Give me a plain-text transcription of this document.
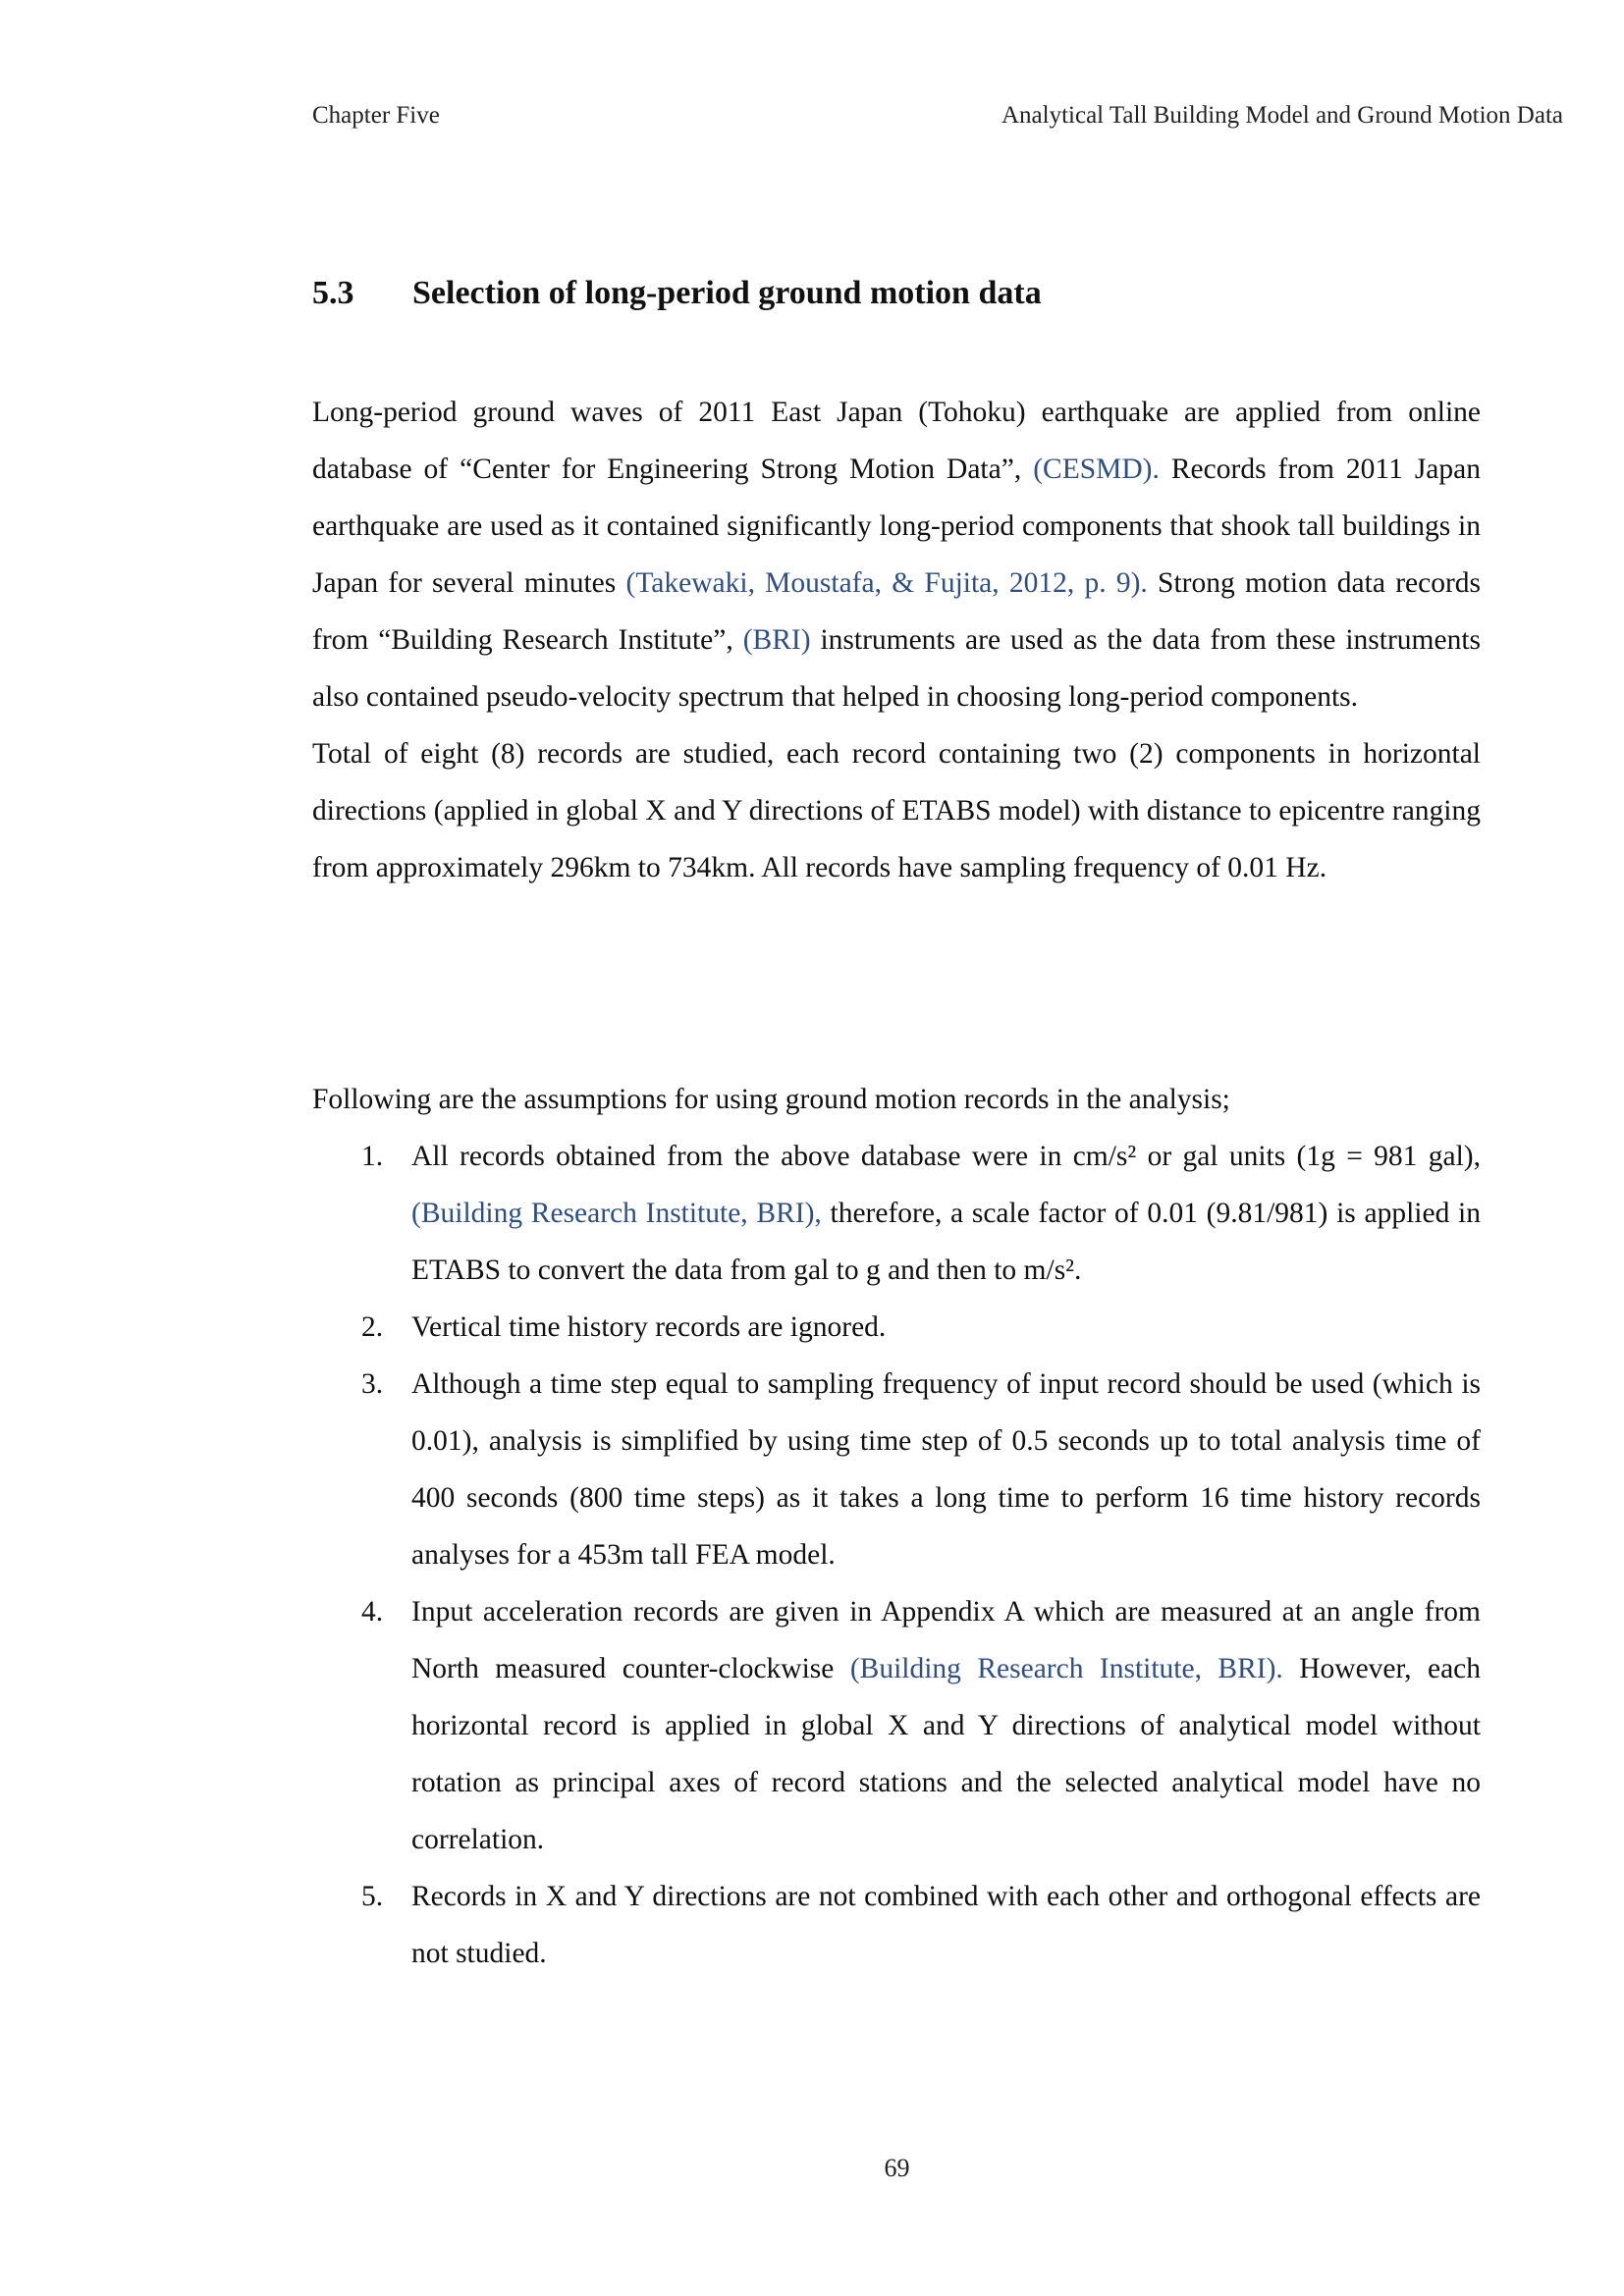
Chapter Five	Analytical Tall Building Model and Ground Motion Data
5.3 Selection of long-period ground motion data

Long-period ground waves of 2011 East Japan (Tohoku) earthquake are applied from online database of “Center for Engineering Strong Motion Data”, (CESMD). Records from 2011 Japan earthquake are used as it contained significantly long-period components that shook tall buildings in Japan for several minutes (Takewaki, Moustafa, & Fujita, 2012, p. 9). Strong motion data records from “Building Research Institute”, (BRI) instruments are used as the data from these instruments also contained pseudo-velocity spectrum that helped in choosing long-period components.

Total of eight (8) records are studied, each record containing two (2) components in horizontal directions (applied in global X and Y directions of ETABS model) with distance to epicentre ranging from approximately 296km to 734km. All records have sampling frequency of 0.01 Hz.

Following are the assumptions for using ground motion records in the analysis;

1. All records obtained from the above database were in cm/s² or gal units (1g = 981 gal), (Building Research Institute, BRI), therefore, a scale factor of 0.01 (9.81/981) is applied in ETABS to convert the data from gal to g and then to m/s².
2. Vertical time history records are ignored.
3. Although a time step equal to sampling frequency of input record should be used (which is 0.01), analysis is simplified by using time step of 0.5 seconds up to total analysis time of 400 seconds (800 time steps) as it takes a long time to perform 16 time history records analyses for a 453m tall FEA model.
4. Input acceleration records are given in Appendix A which are measured at an angle from North measured counter-clockwise (Building Research Institute, BRI). However, each horizontal record is applied in global X and Y directions of analytical model without rotation as principal axes of record stations and the selected analytical model have no correlation.
5. Records in X and Y directions are not combined with each other and orthogonal effects are not studied.
69
